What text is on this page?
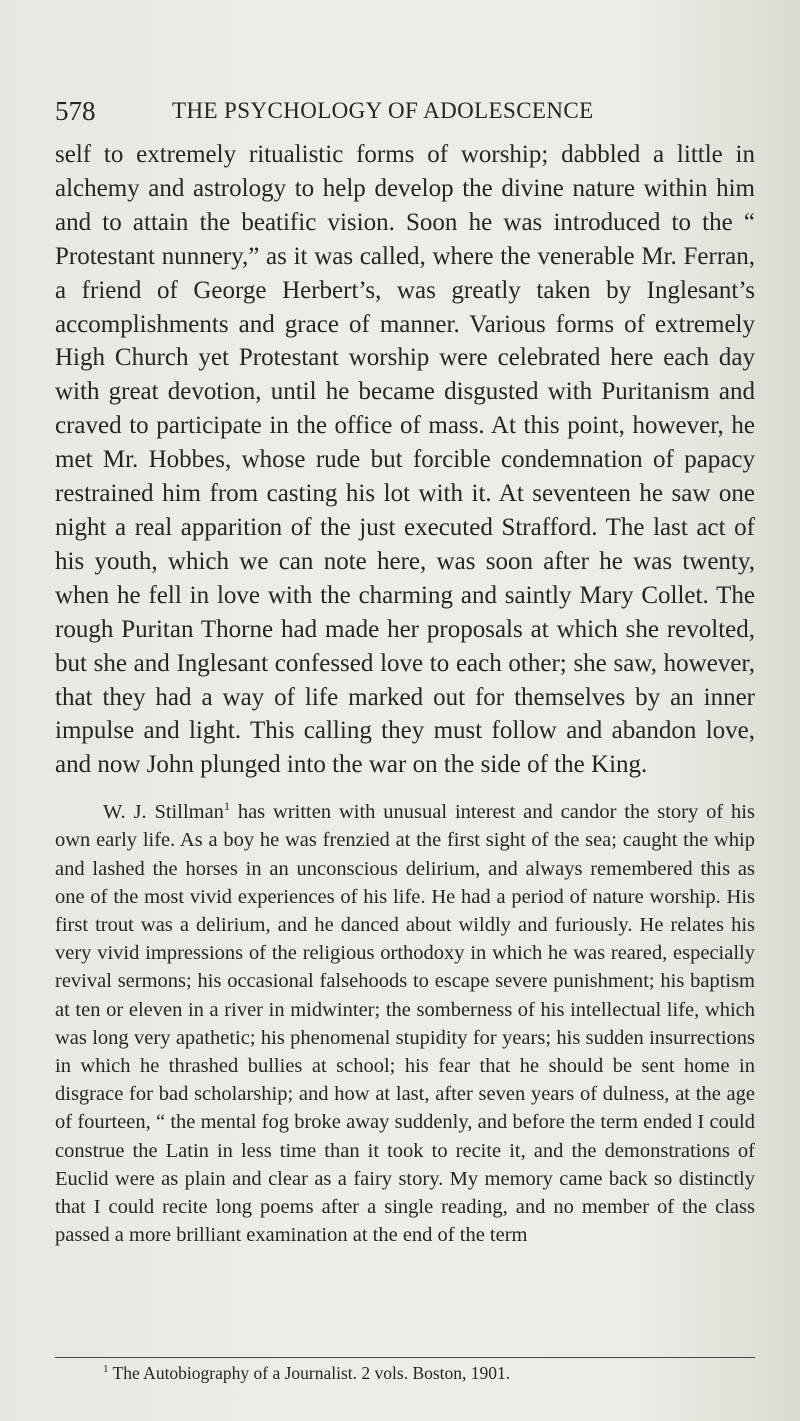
578	THE PSYCHOLOGY OF ADOLESCENCE

self to extremely ritualistic forms of worship; dabbled a little in alchemy and astrology to help develop the divine nature within him and to attain the beatific vision. Soon he was introduced to the “ Protestant nunnery,” as it was called, where the venerable Mr. Ferran, a friend of George Herbert’s, was greatly taken by Inglesant’s accomplishments and grace of manner. Various forms of extremely High Church yet Protestant worship were celebrated here each day with great devotion, until he became disgusted with Puritanism and craved to participate in the office of mass. At this point, however, he met Mr. Hobbes, whose rude but forcible condemnation of papacy restrained him from casting his lot with it. At seventeen he saw one night a real apparition of the just executed Strafford. The last act of his youth, which we can note here, was soon after he was twenty, when he fell in love with the charming and saintly Mary Collet. The rough Puritan Thorne had made her proposals at which she revolted, but she and Inglesant confessed love to each other; she saw, however, that they had a way of life marked out for themselves by an inner impulse and light. This calling they must follow and abandon love, and now John plunged into the war on the side of the King.

W. J. Stillman$^1$ has written with unusual interest and candor the story of his own early life. As a boy he was frenzied at the first sight of the sea; caught the whip and lashed the horses in an unconscious delirium, and always remembered this as one of the most vivid experiences of his life. He had a period of nature worship. His first trout was a delirium, and he danced about wildly and furiously. He relates his very vivid impressions of the religious orthodoxy in which he was reared, especially revival sermons; his occasional falsehoods to escape severe punishment; his baptism at ten or eleven in a river in midwinter; the somberness of his intellectual life, which was long very apathetic; his phenomenal stupidity for years; his sudden insurrections in which he thrashed bullies at school; his fear that he should be sent home in disgrace for bad scholarship; and how at last, after seven years of dulness, at the age of fourteen, “ the mental fog broke away suddenly, and before the term ended I could construe the Latin in less time than it took to recite it, and the demonstrations of Euclid were as plain and clear as a fairy story. My memory came back so distinctly that I could recite long poems after a single reading, and no member of the class passed a more brilliant examination at the end of the term

$^1$ The Autobiography of a Journalist. 2 vols. Boston, 1901.
